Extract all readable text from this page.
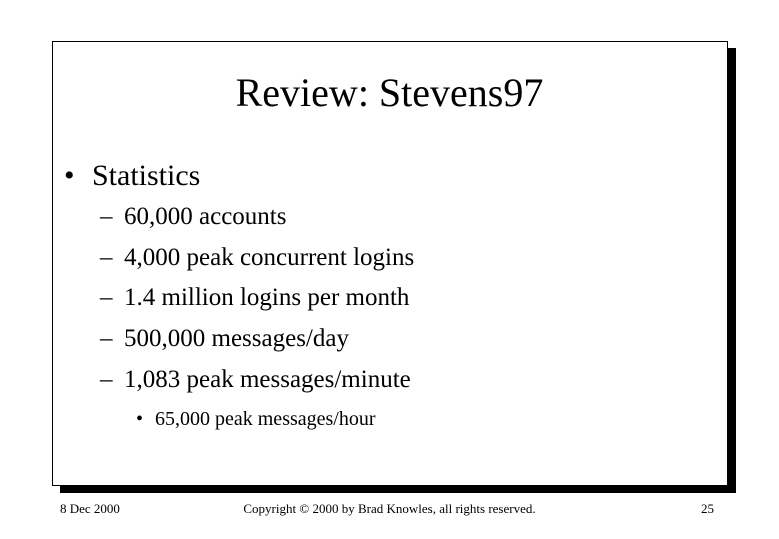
Review: Stevens97
• Statistics
– 60,000 accounts
– 4,000 peak concurrent logins
– 1.4 million logins per month
– 500,000 messages/day
– 1,083 peak messages/minute
• 65,000 peak messages/hour
8 Dec 2000	Copyright © 2000 by Brad Knowles, all rights reserved.	25
